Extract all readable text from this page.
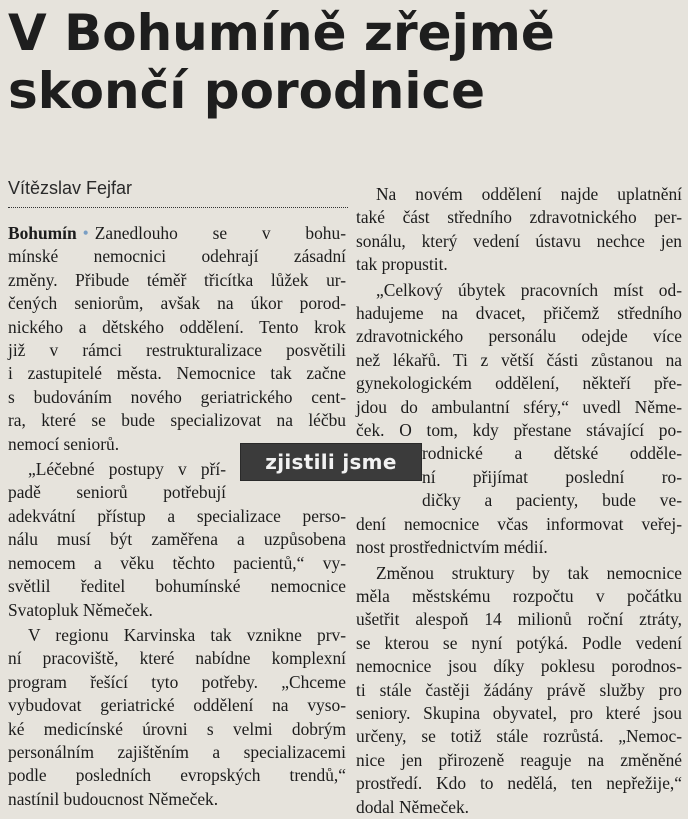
V Bohumíně zřejmě
skončí porodnice
Vítězslav Fejfar
Bohumín • Zanedlouho se v bohu-
mínské nemocnici odehrají zásadní
změny. Přibude téměř třicítka lůžek ur-
čených seniorům, avšak na úkor porod-
nického a dětského oddělení. Tento krok
již v rámci restrukturalizace posvětili
i zastupitelé města. Nemocnice tak začne
s budováním nového geriatrického cent-
ra, které se bude specializovat na léčbu
nemocí seniorů.
„Léčebné postupy v pří-
padě seniorů potřebují
adekvátní přístup a specializace perso-
nálu musí být zaměřena a uzpůsobena
nemocem a věku těchto pacientů,“ vy-
světlil ředitel bohumínské nemocnice
Svatopluk Němeček.
V regionu Karvinska tak vznikne prv-
ní pracoviště, které nabídne komplexní
program řešící tyto potřeby. „Chceme
vybudovat geriatrické oddělení na vyso-
ké medicínské úrovni s velmi dobrým
personálním zajištěním a specializacemi
podle posledních evropských trendů,“
nastínil budoucnost Němeček.
Na novém oddělení najde uplatnění
také část středního zdravotnického per-
sonálu, který vedení ústavu nechce jen
tak propustit.
„Celkový úbytek pracovních míst od-
hadujeme na dvacet, přičemž středního
zdravotnického personálu odejde více
než lékařů. Ti z větší části zůstanou na
gynekologickém oddělení, někteří pře-
jdou do ambulantní sféry,“ uvedl Něme-
ček. O tom, kdy přestane stávající po-
rodnické a dětské odděle-
ní přijímat poslední ro-
dičky a pacienty, bude ve-
dení nemocnice včas informovat veřej-
nost prostřednictvím médií.
Změnou struktury by tak nemocnice
měla městskému rozpočtu v počátku
ušetřit alespoň 14 milionů roční ztráty,
se kterou se nyní potýká. Podle vedení
nemocnice jsou díky poklesu porodnos-
ti stále častěji žádány právě služby pro
seniory. Skupina obyvatel, pro které jsou
určeny, se totiž stále rozrůstá. „Nemoc-
nice jen přirozeně reaguje na změněné
prostředí. Kdo to nedělá, ten nepřežije,“
dodal Němeček.
zjistili jsme
